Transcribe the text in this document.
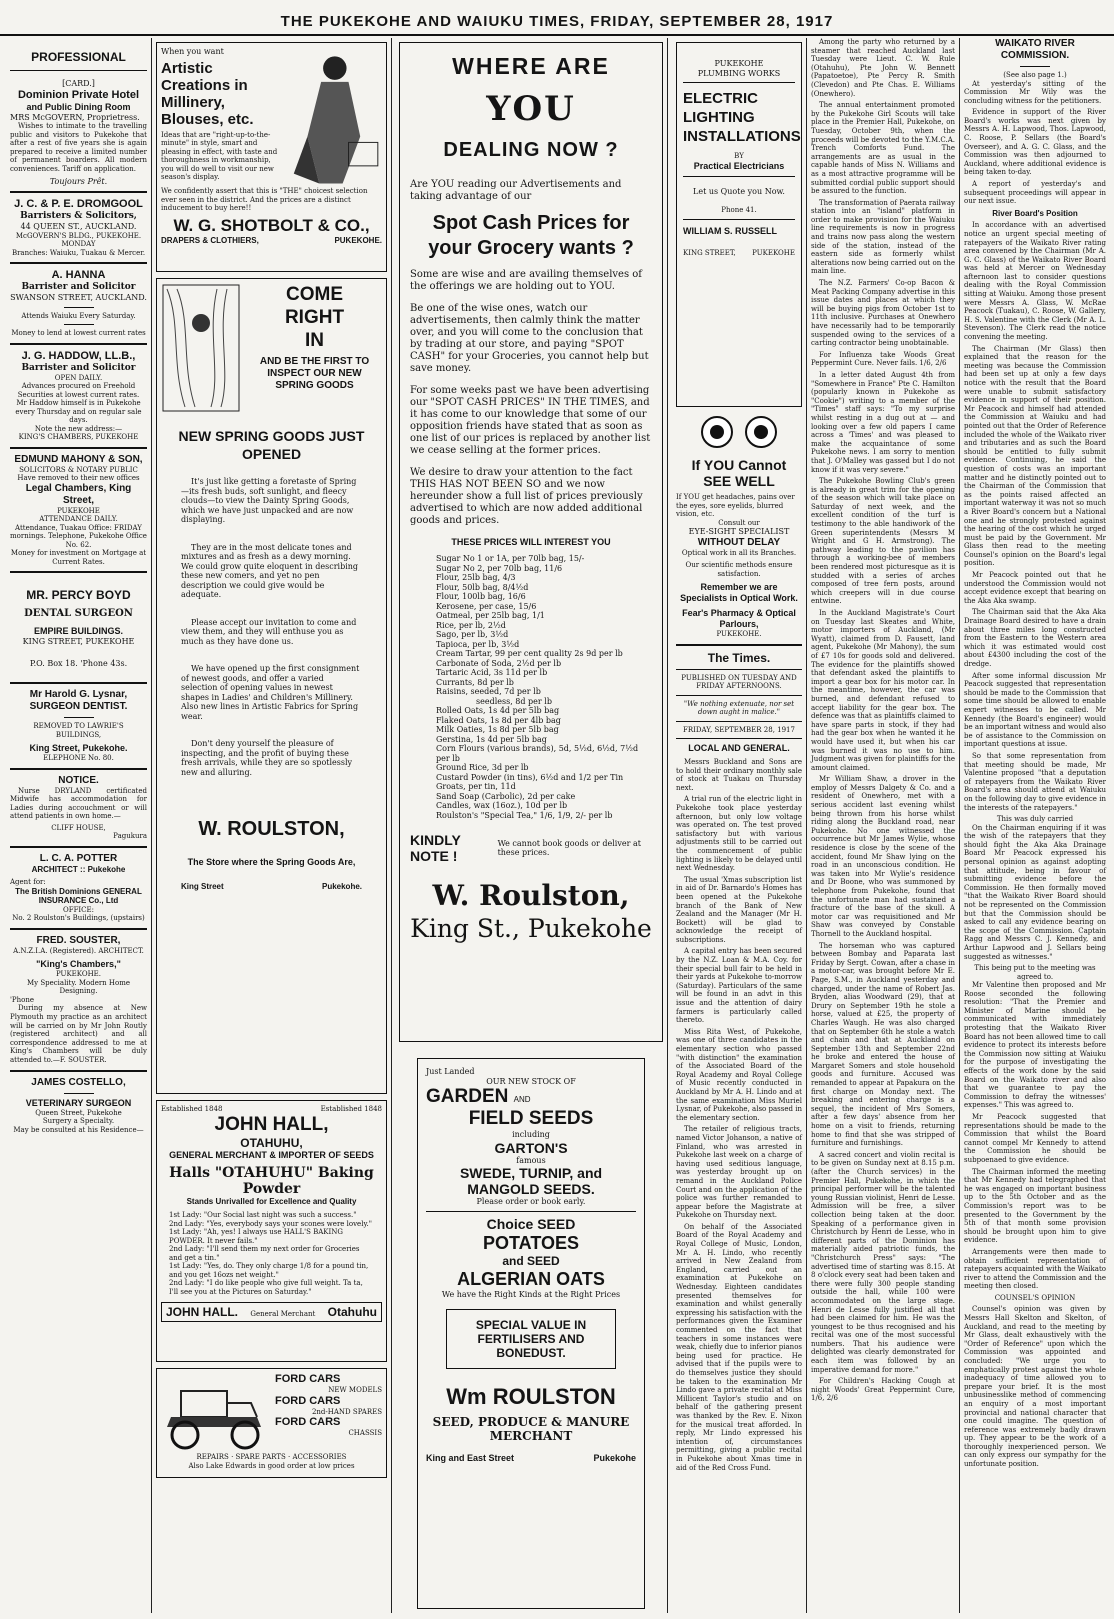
THE PUKEKOHE AND WAIUKU TIMES, FRIDAY, SEPTEMBER 28, 1917
PROFESSIONAL
[CARD.]
Dominion Private Hotel
and Public Dining Room
MRS McGOVERN, Proprietress.
Wishes to intimate to the travelling public and visitors to Pukekohe that after a rest of five years she is again prepared to receive a limited number of permanent boarders. All modern conveniences. Tariff on application.
Toujours Prêt.
J. C. & P. E. DROMGOOL
Barristers & Solicitors,
44 QUEEN ST., AUCKLAND.
McGOVERN'S BLDG., PUKEKOHE.
MONDAY
Branches: Waiuku, Tuakau & Mercer.
A. HANNA
Barrister and Solicitor
SWANSON STREET, AUCKLAND.
Attends Waiuku Every Saturday.
Money to lend at lowest current rates
J. G. HADDOW, LL.B.,
Barrister and Solicitor
OPEN DAILY.
Advances procured on Freehold Securities at lowest current rates.
Mr Haddow himself is in Pukekohe every Thursday and on regular sale days.
Note the new address:—
KING'S CHAMBERS, PUKEKOHE
EDMUND MAHONY & SON,
SOLICITORS & NOTARY PUBLIC
Have removed to their new offices
Legal Chambers, King Street,
PUKEKOHE
ATTENDANCE DAILY.
Attendance, Tuakau Office: FRIDAY mornings. Telephone, Pukekohe Office No. 62.
Money for investment on Mortgage at Current Rates.
MR. PERCY BOYD
DENTAL SURGEON
EMPIRE BUILDINGS.
KING STREET, PUKEKOHE
P.O. Box 18. 'Phone 43s.
Mr Harold G. Lysnar,
SURGEON DENTIST.
REMOVED TO LAWRIE'S BUILDINGS,
King Street, Pukekohe.
ELEPHONE No. 80.
NOTICE.
Nurse DRYLAND certificated Midwife has accommodation for Ladies during accouchment or will attend patients in own home.—
CLIFF HOUSE,
Pagukura
L. C. A. POTTER
ARCHITECT :: Pukekohe
Agent for:
The British Dominions GENERAL INSURANCE Co., Ltd
OFFICE:
No. 2 Roulston's Buildings, (upstairs)
FRED. SOUSTER,
A.N.Z.I.A. (Registered). ARCHITECT.
"King's Chambers,"
PUKEKOHE.
My Speciality. Modern Home Designing.
'Phone
During my absence at New Plymouth my practice as an architect will be carried on by Mr John Routly (registered architect) and all correspondence addressed to me at King's Chambers will be duly attended to.—F. SOUSTER.
JAMES COSTELLO,
VETERINARY SURGEON
Queen Street, Pukekohe
Surgery a Specialty.
May be consulted at his Residence—
When you want
Artistic Creations in Millinery, Blouses, etc.
Ideas that are "right-up-to-the-minute" in style, smart and pleasing in effect, with taste and thoroughness in workmanship, you will do well to visit our new season's display.
We confidently assert that this is "THE" choicest selection ever seen in the district. And the prices are a distinct inducement to buy here!!
W. G. SHOTBOLT & CO.,
DRAPERS & CLOTHIERS,	PUKEKOHE.
COME
RIGHT
IN
AND BE THE FIRST TO INSPECT OUR NEW SPRING GOODS
NEW SPRING GOODS JUST OPENED
It's just like getting a foretaste of Spring —its fresh buds, soft sunlight, and fleecy clouds—to view the Dainty Spring Goods, which we have just unpacked and are now displaying.
They are in the most delicate tones and mixtures and as fresh as a dewy morning. We could grow quite eloquent in describing these new comers, and yet no pen description we could give would be adequate.
Please accept our invitation to come and view them, and they will enthuse you as much as they have done us.
We have opened up the first consignment of newest goods, and offer a varied selection of opening values in newest shapes in Ladies' and Children's Millinery. Also new lines in Artistic Fabrics for Spring wear.
Don't deny yourself the pleasure of inspecting, and the profit of buying these fresh arrivals, while they are so spotlessly new and alluring.
W. ROULSTON,
The Store where the Spring Goods Are,
King Street	Pukekohe.
Established 1848	Established 1848
JOHN HALL,
OTAHUHU,
GENERAL MERCHANT & IMPORTER OF SEEDS
Halls "OTAHUHU" Baking Powder
Stands Unrivalled for Excellence and Quality
1st Lady: "Our Social last night was such a success."
2nd Lady: "Yes, everybody says your scones were lovely."
1st Lady: "Ah, yes! I always use HALL'S BAKING POWDER. It never fails."
2nd Lady: "I'll send them my next order for Groceries and get a tin."
1st Lady: "Yes, do. They only charge 1/8 for a pound tin, and you get 16ozs net weight."
2nd Lady: "I do like people who give full weight. Ta ta, I'll see you at the Pictures on Saturday."
JOHN HALL. General Merchant Otahuhu
FORD CARS
NEW MODELS
FORD CARS
2nd-HAND SPARES
FORD CARS
CHASSIS
REPAIRS · SPARE PARTS · ACCESSORIES
Also Lake Edwards in good order at low prices
WHERE ARE
YOU
DEALING NOW ?
Are YOU reading our Advertisements and taking advantage of our
Spot Cash Prices for your Grocery wants ?
Some are wise and are availing themselves of the offerings we are holding out to YOU.
Be one of the wise ones, watch our advertisements, then calmly think the matter over, and you will come to the conclusion that by trading at our store, and paying "SPOT CASH" for your Groceries, you cannot help but save money.
For some weeks past we have been advertising our "SPOT CASH PRICES" IN THE TIMES, and it has come to our knowledge that some of our opposition friends have stated that as soon as one list of our prices is replaced by another list we cease selling at the former prices.
We desire to draw your attention to the fact THIS HAS NOT BEEN SO and we now hereunder show a full list of prices previously advertised to which are now added additional goods and prices.
THESE PRICES WILL INTEREST YOU
Sugar No 1 or 1A, per 70lb bag, 15/-
Sugar No 2, per 70lb bag, 11/6
Flour, 25lb bag, 4/3
Flour, 50lb bag, 8/4½d
Flour, 100lb bag, 16/6
Kerosene, per case, 15/6
Oatmeal, per 25lb bag, 1/1
Rice, per lb, 2½d
Sago, per lb, 3½d
Tapioca, per lb, 3½d
Cream Tartar, 99 per cent quality 2s 9d per lb
Carbonate of Soda, 2½d per lb
Tartaric Acid, 3s 11d per lb
Currants, 8d per lb
Raisins, seeded, 7d per lb
seedless, 8d per lb
Rolled Oats, 1s 4d per 5lb bag
Flaked Oats, 1s 8d per 4lb bag
Milk Oaties, 1s 8d per 5lb bag
Gerstina, 1s 4d per 5lb bag
Corn Flours (various brands), 5d, 5½d, 6½d, 7½d per lb
Ground Rice, 3d per lb
Custard Powder (in tins), 6½d and 1/2 per Tin
Groats, per tin, 11d
Sand Soap (Carbolic), 2d per cake
Candles, wax (16oz.), 10d per lb
Roulston's "Special Tea," 1/6, 1/9, 2/- per lb
KINDLY NOTE !
We cannot book goods or deliver at these prices.
W. Roulston,
King St., Pukekohe
Just Landed
OUR NEW STOCK OF
GARDEN AND
FIELD SEEDS
including
GARTON'S
famous
SWEDE, TURNIP, and MANGOLD SEEDS.
Please order or book early.
Choice SEED
POTATOES
and SEED
ALGERIAN OATS
We have the Right Kinds at the Right Prices
SPECIAL VALUE IN FERTILISERS AND BONEDUST.
Wm ROULSTON
SEED, PRODUCE & MANURE MERCHANT
King and East Street	Pukekohe
PUKEKOHE
PLUMBING WORKS
ELECTRIC LIGHTING INSTALLATIONS
BY
Practical Electricians
Let us Quote you Now.
Phone 41.
WILLIAM S. RUSSELL
KING STREET, PUKEKOHE
If YOU Cannot SEE WELL
If YOU get headaches, pains over the eyes, sore eyelids, blurred vision, etc.
Consult our
EYE-SIGHT SPECIALIST
WITHOUT DELAY
Optical work in all its Branches.
Our scientific methods ensure satisfaction.
Remember we are Specialists in Optical Work.
Fear's Pharmacy & Optical Parlours,
PUKEKOHE.
The Times.
PUBLISHED ON TUESDAY AND FRIDAY AFTERNOONS.
"We nothing extenuate, nor set down aught in malice."
FRIDAY, SEPTEMBER 28, 1917
LOCAL AND GENERAL.
Messrs Buckland and Sons are to hold their ordinary monthly sale of stock at Tuakau on Thursday next.
A trial run of the electric light in Pukekohe took place yesterday afternoon, but only low voltage was operated on. The test proved satisfactory but with various adjustments still to be carried out the commencement of public lighting is likely to be delayed until next Wednesday.
The usual 'Xmas subscription list in aid of Dr. Barnardo's Homes has been opened at the Pukekohe branch of the Bank of New Zealand and the Manager (Mr H. Bockett) will be glad to acknowledge the receipt of subscriptions.
A capital entry has been secured by the N.Z. Loan & M.A. Coy. for their special bull fair to be held in their yards at Pukekohe to-morrow (Saturday). Particulars of the same will be found in an advt in this issue and the attention of dairy farmers is particularly called thereto.
Miss Rita West, of Pukekohe, was one of three candidates in the elementary section who passed "with distinction" the examination of the Associated Board of the Royal Academy and Royal College of Music recently conducted in Auckland by Mr A. H. Lindo and at the same examination Miss Muriel Lysnar, of Pukekohe, also passed in the elementary section.
The retailer of religious tracts, named Victor Johanson, a native of Finland, who was arrested in Pukekohe last week on a charge of having used seditious language, was yesterday brought up on remand in the Auckland Police Court and on the application of the police was further remanded to appear before the Magistrate at Pukekohe on Thursday next.
On behalf of the Associated Board of the Royal Academy and Royal College of Music, London, Mr A. H. Lindo, who recently arrived in New Zealand from England, carried out an examination at Pukekohe on Wednesday. Eighteen candidates presented themselves for examination and whilst generally expressing his satisfaction with the performances given the Examiner commented on the fact that teachers in some instances were weak, chiefly due to inferior pianos being used for practice. He advised that if the pupils were to do themselves justice they should be taken to the examination Mr Lindo gave a private recital at Miss Millicent Taylor's studio and on behalf of the gathering present was thanked by the Rev. E. Nixon for the musical treat afforded. In reply, Mr Lindo expressed his intention of, circumstances permitting, giving a public recital in Pukekohe about Xmas time in aid of the Red Cross Fund.
Among the party who returned by a steamer that reached Auckland last Tuesday were Lieut. C. W. Rule (Otahuhu), Pte John W. Bennett (Papatoetoe), Pte Percy R. Smith (Clevedon) and Pte Chas. E. Williams (Onewhero).
The annual entertainment promoted by the Pukekohe Girl Scouts will take place in the Premier Hall, Pukekohe, on Tuesday, October 9th, when the proceeds will be devoted to the Y.M.C.A. Trench Comforts Fund. The arrangements are as usual in the capable hands of Miss N. Williams and as a most attractive programme will be submitted cordial public support should be assured to the function.
The transformation of Paerata railway station into an "island" platform in order to make provision for the Waiuku line requirements is now in progress and trains now pass along the western side of the station, instead of the eastern side as formerly whilst alterations now being carried out on the main line.
The N.Z. Farmers' Co-op Bacon & Meat Packing Company advertise in this issue dates and places at which they will be buying pigs from October 1st to 11th inclusive. Purchases at Onewhero have necessarily had to be temporarily suspended owing to the services of a carting contractor being unobtainable.
For Influenza take Woods Great Peppermint Cure. Never fails. 1/6, 2/6
In a letter dated August 4th from "Somewhere in France" Pte C. Hamilton (popularly known in Pukekohe as "Cookie") writing to a member of the "Times" staff says: "To my surprise whilst resting in a dug out at — and looking over a few old papers I came across a 'Times' and was pleased to make the acquaintance of some Pukekohe news. I am sorry to mention that J. O'Malley was gassed but I do not know if it was very severe."
The Pukekohe Bowling Club's green is already in great trim for the opening of the season which will take place on Saturday of next week, and the excellent condition of the turf is testimony to the able handiwork of the Green superintendents (Messrs M Wright and G H. Armstrong). The pathway leading to the pavilion has through a working-bee of members been rendered most picturesque as it is studded with a series of arches composed of tree fern posts, around which creepers will in due course entwine.
In the Auckland Magistrate's Court on Tuesday last Skeates and White, motor importers of Auckland, (Mr Wyatt), claimed from D. Fausett, land agent, Pukekohe (Mr Mahony), the sum of £7 10s for goods sold and delivered. The evidence for the plaintiffs showed that defendant asked the plaintiffs to import a gear box for his motor car. In the meantime, however, the car was burned, and defendant refused to accept liability for the gear box. The defence was that as plaintiffs claimed to have spare parts in stock, if they had had the gear box when he wanted it he would have used it, but when his car was burned it was no use to him. Judgment was given for plaintiffs for the amount claimed.
Mr William Shaw, a drover in the employ of Messrs Dalgety & Co. and a resident of Onewhero, met with a serious accident last evening whilst being thrown from his horse whilst riding along the Buckland road, near Pukekohe. No one witnessed the occurrence but Mr James Wylie, whose residence is close by the scene of the accident, found Mr Shaw lying on the road in an unconscious condition. He was taken into Mr Wylie's residence and Dr Boone, who was summoned by telephone from Pukekohe, found that the unfortunate man had sustained a fracture of the base of the skull. A motor car was requisitioned and Mr Shaw was conveyed by Constable Thornell to the Auckland hospital.
The horseman who was captured between Bombay and Paparata last Friday by Sergt. Cowan, after a chase in a motor-car, was brought before Mr E. Page, S.M., in Auckland yesterday and charged, under the name of Robert Jas. Bryden, alias Woodward (29), that at Drury on September 19th he stole a horse, valued at £25, the property of Charles Waugh. He was also charged that on September 6th he stole a watch and chain and that at Auckland on September 13th and September 22nd he broke and entered the house of Margaret Somers and stole household goods and furniture. Accused was remanded to appear at Papakura on the first charge on Monday next. The breaking and entering charge is a sequel, the incident of Mrs Somers, after a few days' absence from her home on a visit to friends, returning home to find that she was stripped of furniture and furnishings.
A sacred concert and violin recital is to be given on Sunday next at 8.15 p.m. (after the Church services) in the Premier Hall, Pukekohe, in which the principal performer will be the talented young Russian violinist, Henri de Lesse. Admission will be free, a silver collection being taken at the door. Speaking of a performance given in Christchurch by Henri de Lesse, who in different parts of the Dominion has materially aided patriotic funds, the "Christchurch Press" says: "The advertised time of starting was 8.15. At 8 o'clock every seat had been taken and there were fully 300 people standing outside the hall, while 100 were accommodated on the large stage. Henri de Lesse fully justified all that had been claimed for him. He was the youngest to be thus recognised and his recital was one of the most successful numbers. That his audience were delighted was clearly demonstrated for each item was followed by an imperative demand for more."
For Children's Hacking Cough at night Woods' Great Peppermint Cure, 1/6, 2/6
WAIKATO RIVER COMMISSION.
(See also page 1.)
At yesterday's sitting of the Commission Mr Wily was the concluding witness for the petitioners.
Evidence in support of the River Board's works was next given by Messrs A. H. Lapwood, Thos. Lapwood, C. Roose, P. Sellars (the Board's Overseer), and A. G. C. Glass, and the Commission was then adjourned to Auckland, where additional evidence is being taken to-day.
A report of yesterday's and subsequent proceedings will appear in our next issue.
River Board's Position
In accordance with an advertised notice an urgent special meeting of ratepayers of the Waikato River rating area convened by the Chairman (Mr A. G. C. Glass) of the Waikato River Board was held at Mercer on Wednesday afternoon last to consider questions dealing with the Royal Commission sitting at Waiuku. Among those present were Messrs A. Glass, W. McRae Peacock (Tuakau), C. Roose, W. Gallery, H. S. Valentine with the Clerk (Mr A. L. Stevenson). The Clerk read the notice convening the meeting.
The Chairman (Mr Glass) then explained that the reason for the meeting was because the Commission had been set up at only a few days notice with the result that the Board were unable to submit satisfactory evidence in support of their position. Mr Peacock and himself had attended the Commission at Waiuku and had pointed out that the Order of Reference included the whole of the Waikato river and tributaries and as such the Board should be entitled to fully submit evidence. Continuing, he said the question of costs was an important matter and he distinctly pointed out to the Chairman of the Commission that as the points raised affected an important waterway it was not so much a River Board's concern but a National one and he strongly protested against the hearing of the cost which he urged must be paid by the Government. Mr Glass then read to the meeting Counsel's opinion on the Board's legal position.
Mr Peacock pointed out that he understood the Commission would not accept evidence except that bearing on the Aka Aka swamp.
The Chairman said that the Aka Aka Drainage Board desired to have a drain about three miles long constructed from the Eastern to the Western area which it was estimated would cost about £4300 including the cost of the dredge.
After some informal discussion Mr Peacock suggested that representation should be made to the Commission that some time should be allowed to enable expert witnesses to be called. Mr Kennedy (the Board's engineer) would be an important witness and would also be of assistance to the Commission on important questions at issue.
So that some representation from that meeting should be made, Mr Valentine proposed "that a deputation of ratepayers from the Waikato River Board's area should attend at Waiuku on the following day to give evidence in the interests of the ratepayers."
This was duly carried
On the Chairman enquiring if it was the wish of the ratepayers that they should fight the Aka Aka Drainage Board Mr Peacock expressed his personal opinion as against adopting that attitude, being in favour of submitting evidence before the Commission. He then formally moved "that the Waikato River Board should not be represented on the Commission but that the Commission should be asked to call any evidence bearing on the scope of the Commission. Captain Ragg and Messrs C. J. Kennedy, and Arthur Lapwood and J. Sellars being suggested as witnesses."
This being put to the meeting was agreed to.
Mr Valentine then proposed and Mr Roose seconded the following resolution: "That the Premier and Minister of Marine should be communicated with immediately protesting that the Waikato River Board has not been allowed time to call evidence to protect its interests before the Commission now sitting at Waiuku for the purpose of investigating the effects of the work done by the said Board on the Waikato river and also that we guarantee to pay the Commission to defray the witnesses' expenses." This was agreed to.
Mr Peacock suggested that representations should be made to the Commission that whilst the Board cannot compel Mr Kennedy to attend the Commission he should be subpoenaed to give evidence.
The Chairman informed the meeting that Mr Kennedy had telegraphed that he was engaged on important business up to the 5th October and as the Commission's report was to be presented to the Government by the 5th of that month some provision should be brought upon him to give evidence.
Arrangements were then made to obtain sufficient representation of ratepayers acquainted with the Waikato river to attend the Commission and the meeting then closed.
COUNSEL'S OPINION
Counsel's opinion was given by Messrs Hall Skelton and Skelton, of Auckland, and read to the meeting by Mr Glass, dealt exhaustively with the "Order of Reference" upon which the Commission was appointed and concluded: "We urge you to emphatically protest against the whole inadequacy of time allowed you to prepare your brief. It is the most unbusinesslike method of commencing an enquiry of a most important provincial and national character that one could imagine. The question of reference was extremely badly drawn up. They appear to be the work of a thoroughly inexperienced person. We can only express our sympathy for the unfortunate position.
